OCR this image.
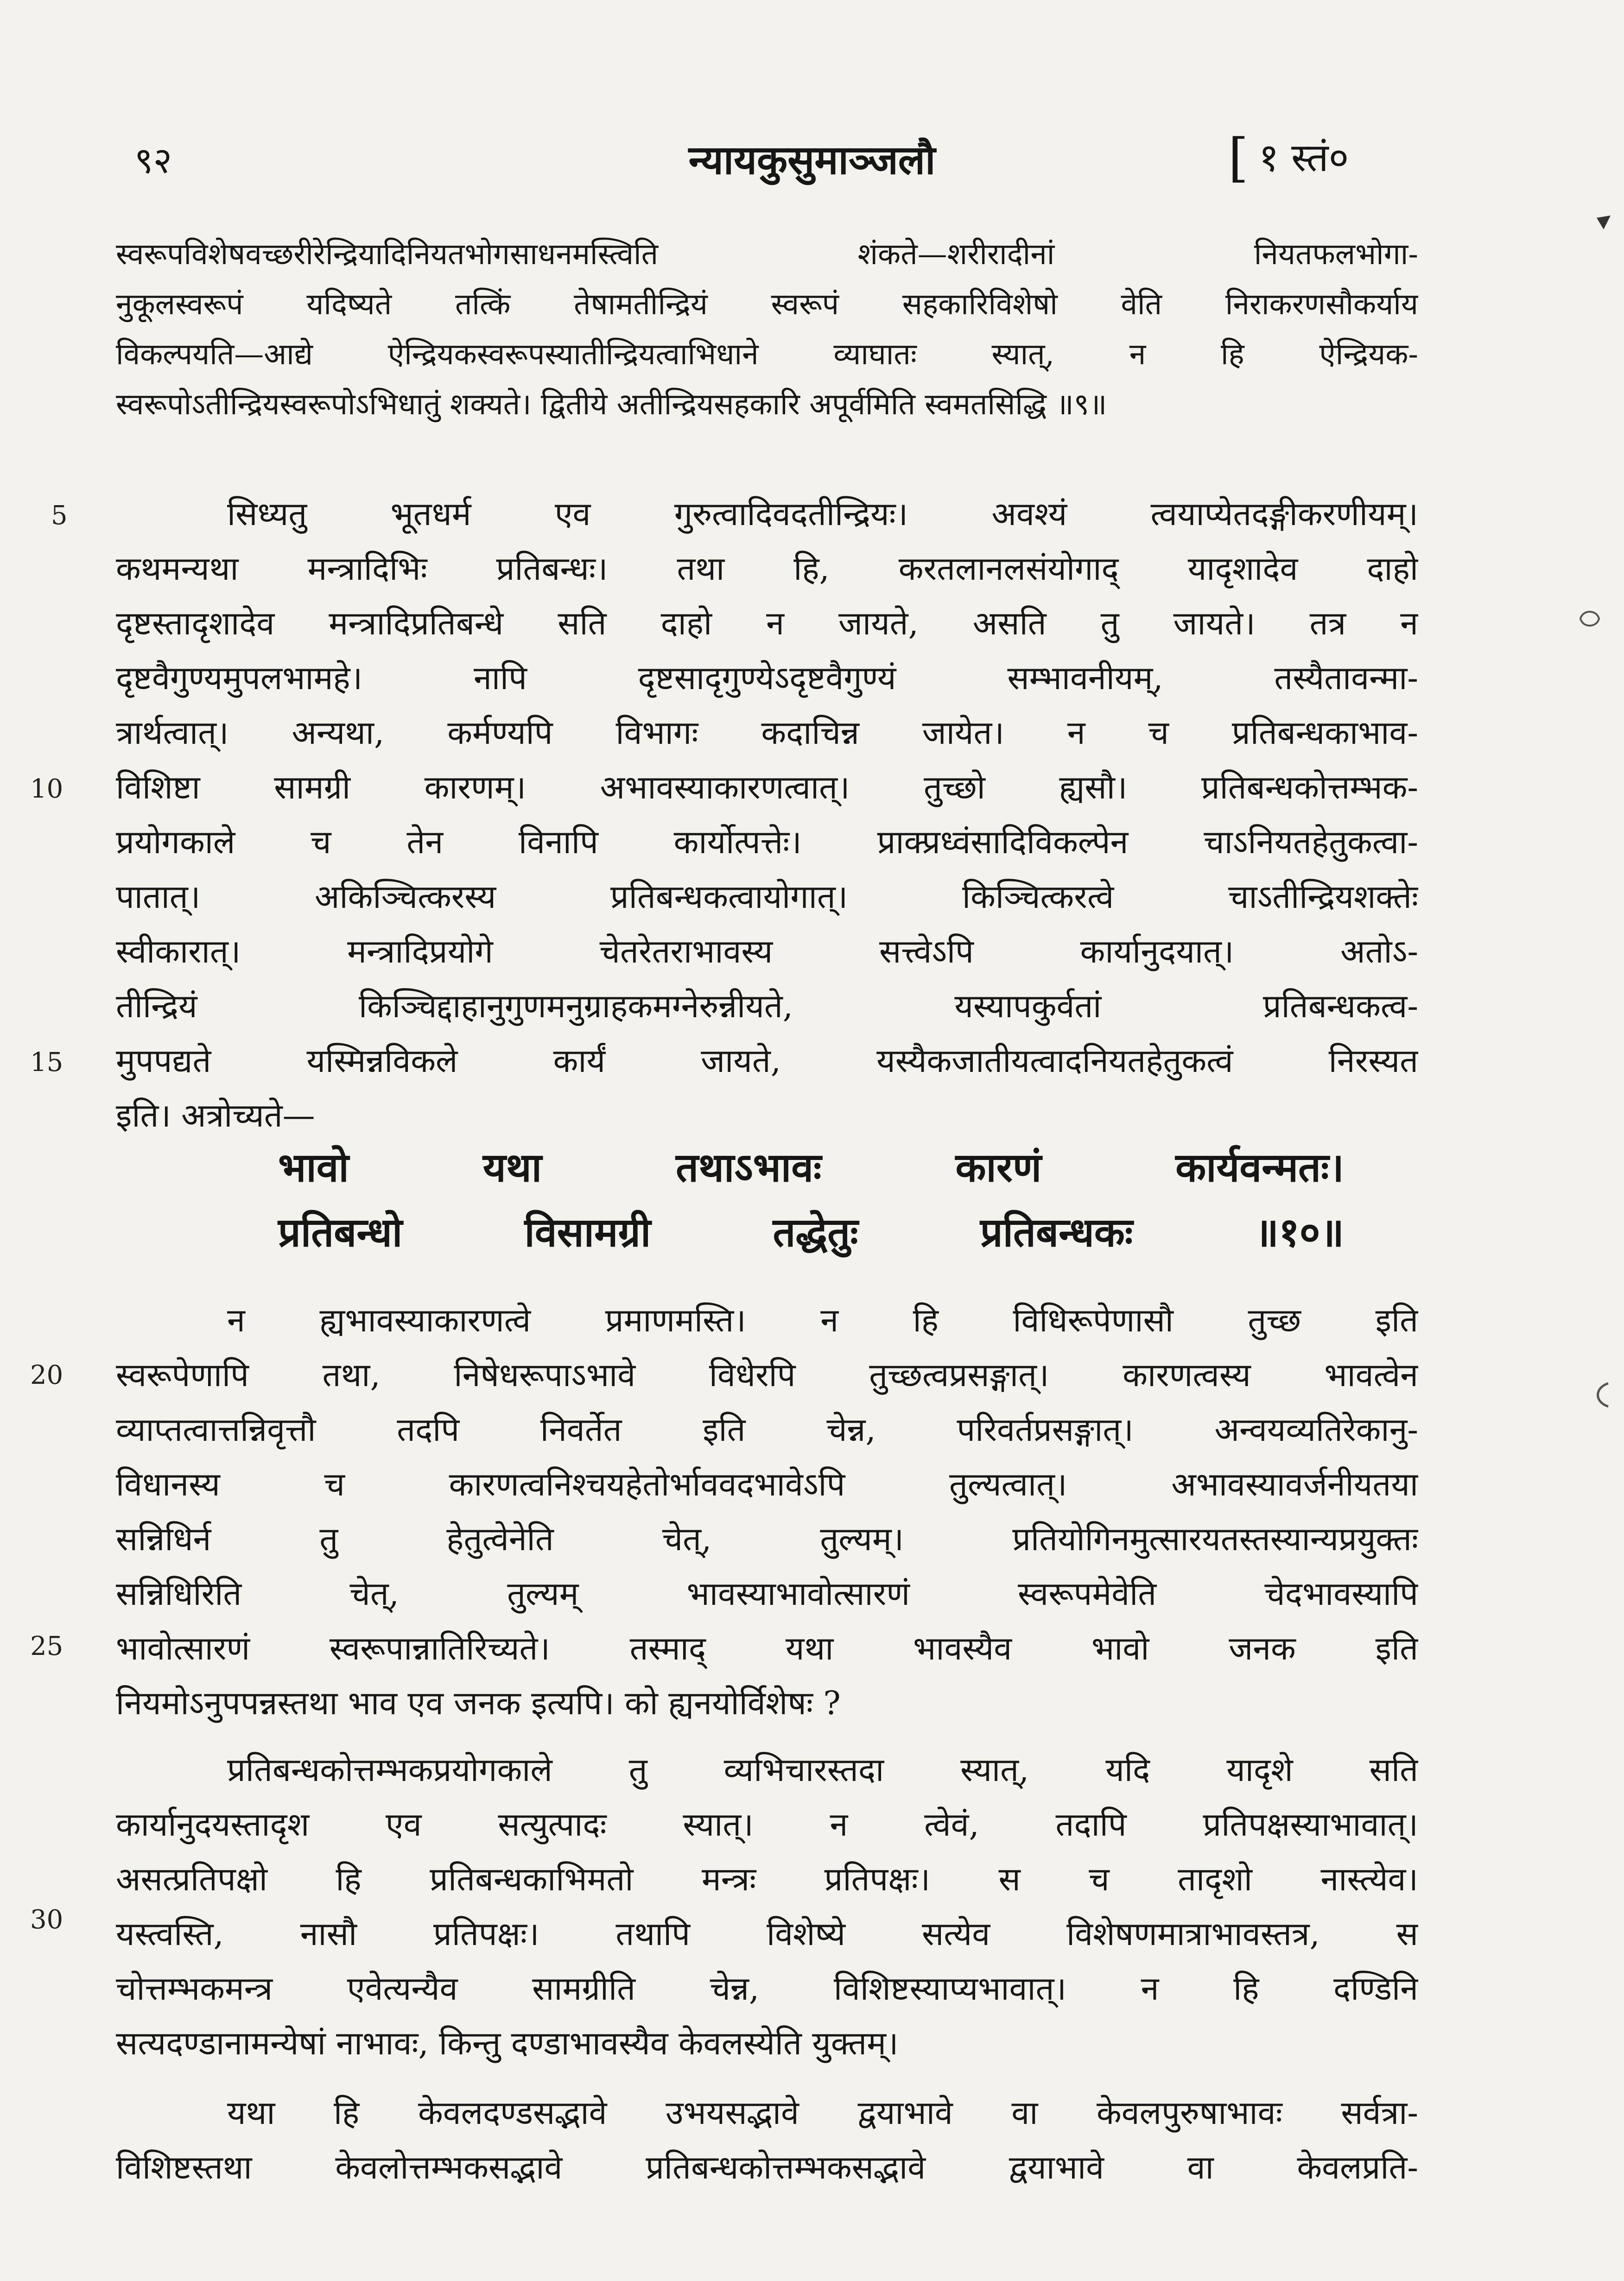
९२	न्यायकुसुमाञ्जलौ	[ १ स्तं०
स्वरूपविशेषवच्छरीरेन्द्रियादिनियतभोगसाधनमस्त्विति शंकते—शरीरादीनां नियतफलभोगा-
नुकूलस्वरूपं यदिष्यते तत्किं तेषामतीन्द्रियं स्वरूपं सहकारिविशेषो वेति निराकरणसौकर्याय
विकल्पयति—आद्ये ऐन्द्रियकस्वरूपस्यातीन्द्रियत्वाभिधाने व्याघातः स्यात्, न हि ऐन्द्रियक-
स्वरूपोऽतीन्द्रियस्वरूपोऽभिधातुं शक्यते। द्वितीये अतीन्द्रियसहकारि अपूर्वमिति स्वमतसिद्धि ॥९॥
सिध्यतु भूतधर्म एव गुरुत्वादिवदतीन्द्रियः। अवश्यं त्वयाप्येतदङ्गीकरणीयम्।
कथमन्यथा मन्त्रादिभिः प्रतिबन्धः। तथा हि, करतलानलसंयोगाद् यादृशादेव दाहो
दृष्टस्तादृशादेव मन्त्रादिप्रतिबन्धे सति दाहो न जायते, असति तु जायते। तत्र न
दृष्टवैगुण्यमुपलभामहे। नापि दृष्टसादृगुण्येऽदृष्टवैगुण्यं सम्भावनीयम्, तस्यैतावन्मा-
त्रार्थत्वात्। अन्यथा, कर्मण्यपि विभागः कदाचिन्न जायेत। न च प्रतिबन्धकाभाव-
विशिष्टा सामग्री कारणम्। अभावस्याकारणत्वात्। तुच्छो ह्यसौ। प्रतिबन्धकोत्तम्भक-
प्रयोगकाले च तेन विनापि कार्योत्पत्तेः। प्राक्प्रध्वंसादिविकल्पेन चाऽनियतहेतुकत्वा-
पातात्। अकिञ्चित्करस्य प्रतिबन्धकत्वायोगात्। किञ्चित्करत्वे चाऽतीन्द्रियशक्तेः
स्वीकारात्। मन्त्रादिप्रयोगे चेतरेतराभावस्य सत्त्वेऽपि कार्यानुदयात्। अतोऽ-
तीन्द्रियं किञ्चिद्दाहानुगुणमनुग्राहकमग्नेरुन्नीयते, यस्यापकुर्वतां प्रतिबन्धकत्व-
मुपपद्यते यस्मिन्नविकले कार्यं जायते, यस्यैकजातीयत्वादनियतहेतुकत्वं निरस्यत
इति। अत्रोच्यते—
भावो यथा तथाऽभावः कारणं कार्यवन्मतः।
प्रतिबन्धो विसामग्री तद्धेतुः प्रतिबन्धकः ॥१०॥
न ह्यभावस्याकारणत्वे प्रमाणमस्ति। न हि विधिरूपेणासौ तुच्छ इति
स्वरूपेणापि तथा, निषेधरूपाऽभावे विधेरपि तुच्छत्वप्रसङ्गात्। कारणत्वस्य भावत्वेन
व्याप्तत्वात्तन्निवृत्तौ तदपि निवर्तेत इति चेन्न, परिवर्तप्रसङ्गात्। अन्वयव्यतिरेकानु-
विधानस्य च कारणत्वनिश्चयहेतोर्भाववदभावेऽपि तुल्यत्वात्। अभावस्यावर्जनीयतया
सन्निधिर्न तु हेतुत्वेनेति चेत्, तुल्यम्। प्रतियोगिनमुत्सारयतस्तस्यान्यप्रयुक्तः
सन्निधिरिति चेत्, तुल्यम् भावस्याभावोत्सारणं स्वरूपमेवेति चेदभावस्यापि
भावोत्सारणं स्वरूपान्नातिरिच्यते। तस्माद् यथा भावस्यैव भावो जनक इति
नियमोऽनुपपन्नस्तथा भाव एव जनक इत्यपि। को ह्यनयोर्विशेषः ?
प्रतिबन्धकोत्तम्भकप्रयोगकाले तु व्यभिचारस्तदा स्यात्, यदि यादृशे सति
कार्यानुदयस्तादृश एव सत्युत्पादः स्यात्। न त्वेवं, तदापि प्रतिपक्षस्याभावात्।
असत्प्रतिपक्षो हि प्रतिबन्धकाभिमतो मन्त्रः प्रतिपक्षः। स च तादृशो नास्त्येव।
यस्त्वस्ति, नासौ प्रतिपक्षः। तथापि विशेष्ये सत्येव विशेषणमात्राभावस्तत्र, स
चोत्तम्भकमन्त्र एवेत्यन्यैव सामग्रीति चेन्न, विशिष्टस्याप्यभावात्। न हि दण्डिनि
सत्यदण्डानामन्येषां नाभावः, किन्तु दण्डाभावस्यैव केवलस्येति युक्तम्।
यथा हि केवलदण्डसद्भावे उभयसद्भावे द्वयाभावे वा केवलपुरुषाभावः सर्वत्रा-
विशिष्टस्तथा केवलोत्तम्भकसद्भावे प्रतिबन्धकोत्तम्भकसद्भावे द्वयाभावे वा केवलप्रति-
5
10
15
20
25
30
